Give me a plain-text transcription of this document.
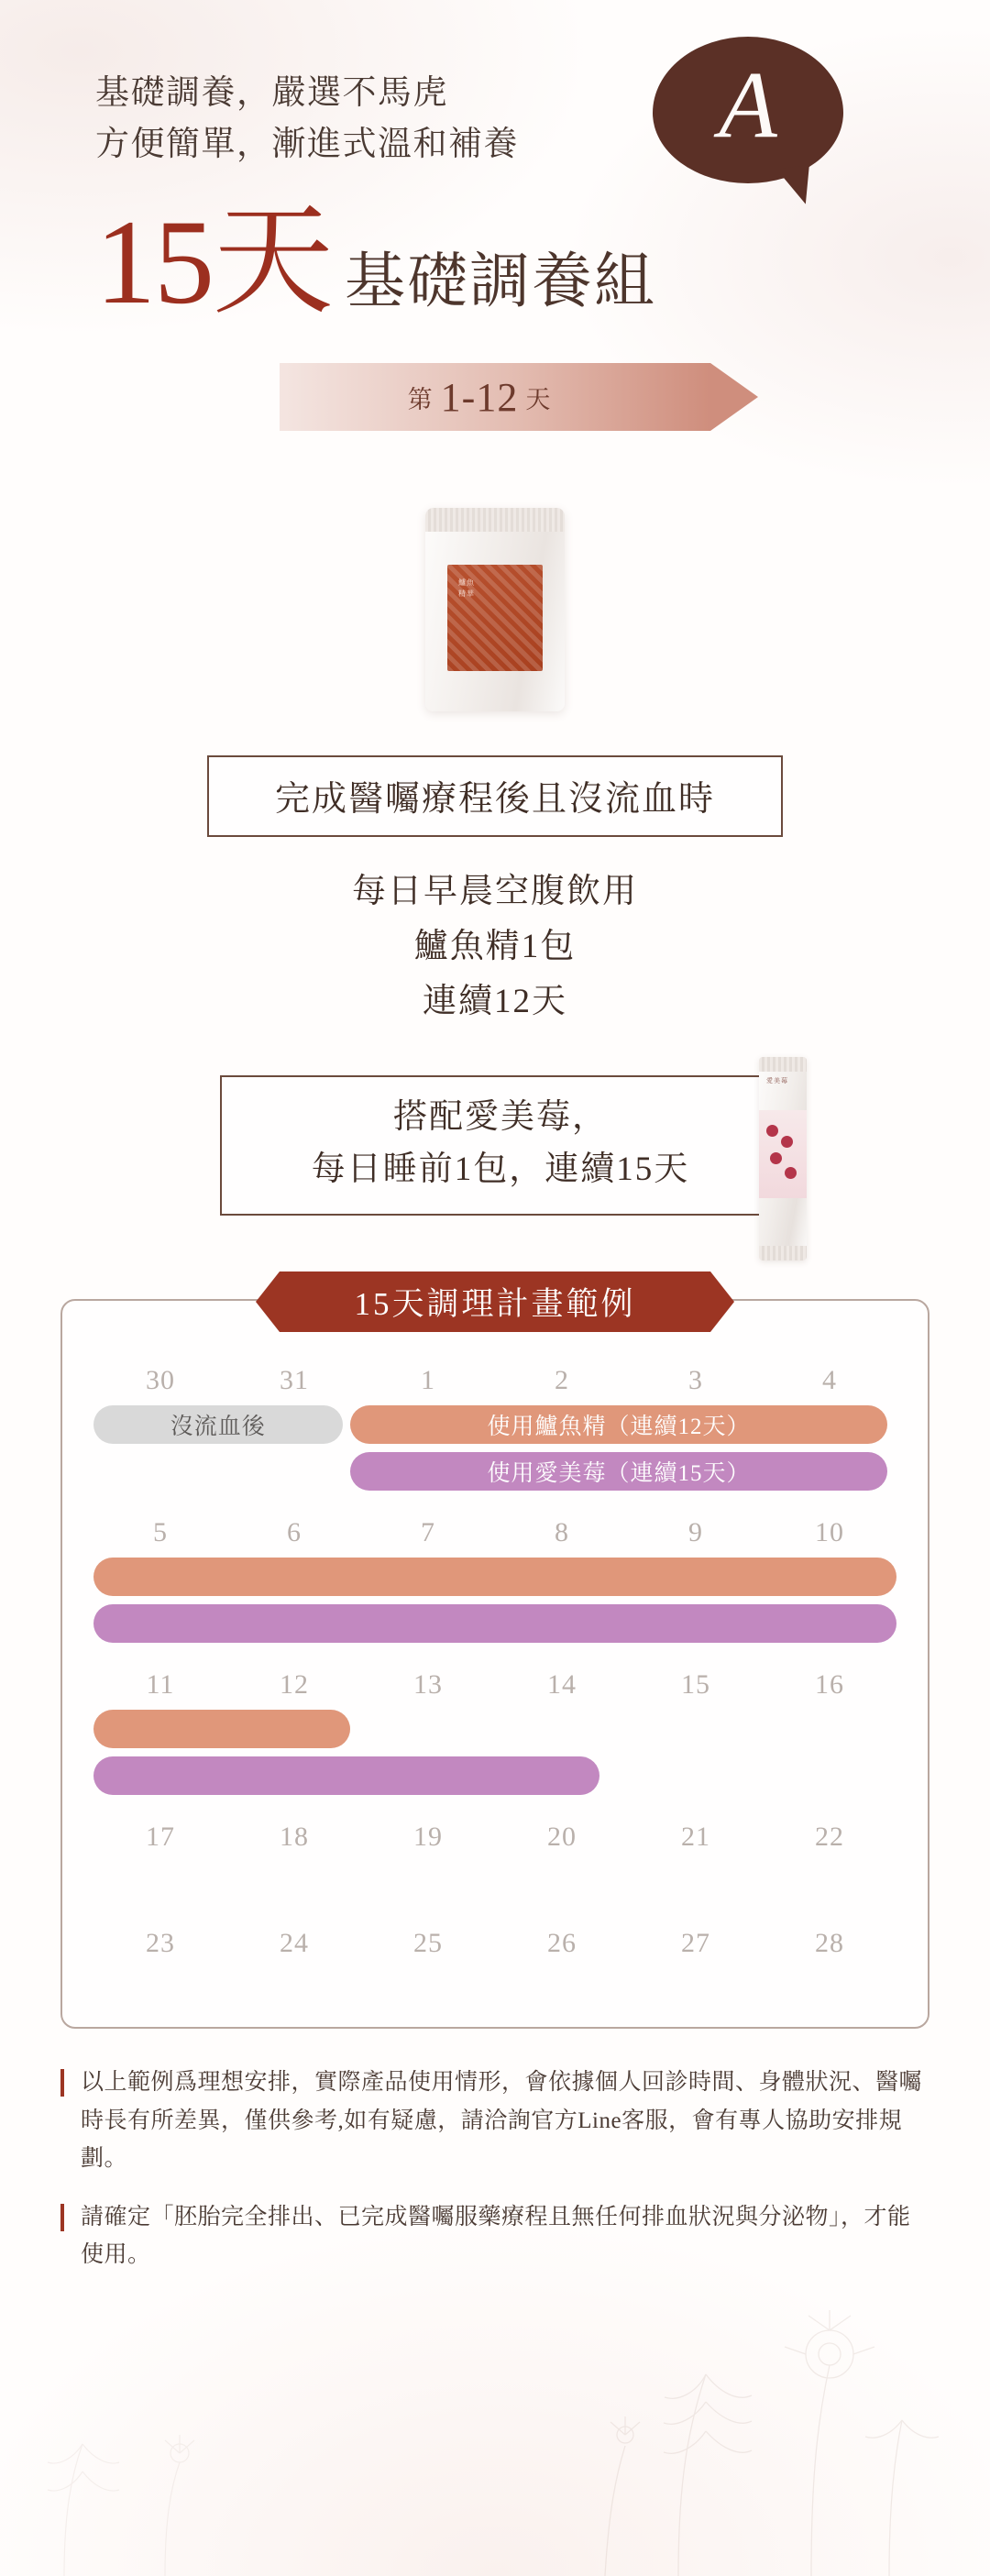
基礎調養，嚴選不馬虎
方便簡單，漸進式溫和補養	A
15天 基礎調養組
第 1-12 天
鱸魚
精華
完成醫囑療程後且沒流血時
每日早晨空腹飲用
鱸魚精1包
連續12天
搭配愛美莓，
每日睡前1包，連續15天
愛美莓
15天調理計畫範例
30	31	1	2	3	4
沒流血後	使用鱸魚精（連續12天）
使用愛美莓（連續15天）
5	6	7	8	9	10
11	12	13	14	15	16
17	18	19	20	21	22
23	24	25	26	27	28
以上範例爲理想安排，實際產品使用情形，會依據個人回診時間、身體狀況、醫囑時長有所差異，僅供參考,如有疑慮，請洽詢官方Line客服，會有專人協助安排規劃。
請確定「胚胎完全排出、已完成醫囑服藥療程且無任何排血狀況與分泌物」，才能使用。
